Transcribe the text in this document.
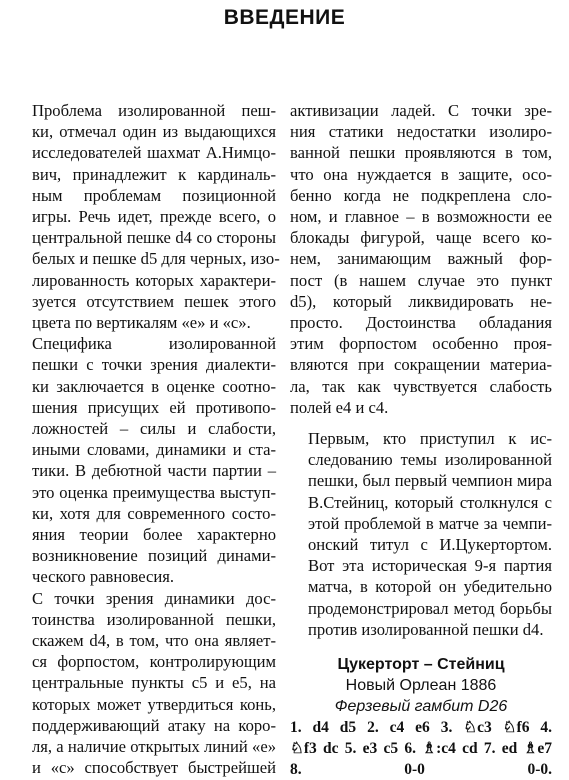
ВВЕДЕНИЕ

Проблема изолированной пеш-
ки, отмечал один из выдающихся
исследователей шахмат А.Нимцо-
вич, принадлежит к кардиналь-
ным проблемам позиционной
игры. Речь идет, прежде всего, о
центральной пешке d4 со стороны
белых и пешке d5 для черных, изо-
лированность которых характери-
зуется отсутствием пешек этого
цвета по вертикалям «е» и «с».

Специфика изолированной
пешки с точки зрения диалекти-
ки заключается в оценке соотно-
шения присущих ей противопо-
ложностей – силы и слабости,
иными словами, динамики и ста-
тики. В дебютной части партии –
это оценка преимущества выступ-
ки, хотя для современного состо-
яния теории более характерно
возникновение позиций динами-
ческого равновесия.

С точки зрения динамики дос-
тоинства изолированной пешки,
скажем d4, в том, что она являет-
ся форпостом, контролирующим
центральные пункты с5 и е5, на
которых может утвердиться конь,
поддерживающий атаку на коро-
ля, а наличие открытых линий «е»
и «с» способствует быстрейшей

активизации ладей. С точки зре-
ния статики недостатки изолиро-
ванной пешки проявляются в том,
что она нуждается в защите, осо-
бенно когда не подкреплена сло-
ном, и главное – в возможности ее
блокады фигурой, чаще всего ко-
нем, занимающим важный фор-
пост (в нашем случае это пункт
d5), который ликвидировать не-
просто. Достоинства обладания
этим форпостом особенно проя-
вляются при сокращении материа-
ла, так как чувствуется слабость
полей е4 и с4.

Первым, кто приступил к ис-
следованию темы изолированной
пешки, был первый чемпион мира
В.Стейниц, который столкнулся с
этой проблемой в матче за чемпи-
онский титул с И.Цукертортом.
Вот эта историческая 9-я партия
матча, в которой он убедительно
продемонстрировал метод борьбы
против изолированной пешки d4.

Цукерторт – Стейниц
Новый Орлеан 1886
Ферзевый гамбит D26
1. d4 d5 2. c4 e6 3. ♘c3 ♘f6 4.
♘f3 dc 5. e3 c5 6. ♗:c4 cd 7. ed ♗e7
8. 0-0 0-0.
